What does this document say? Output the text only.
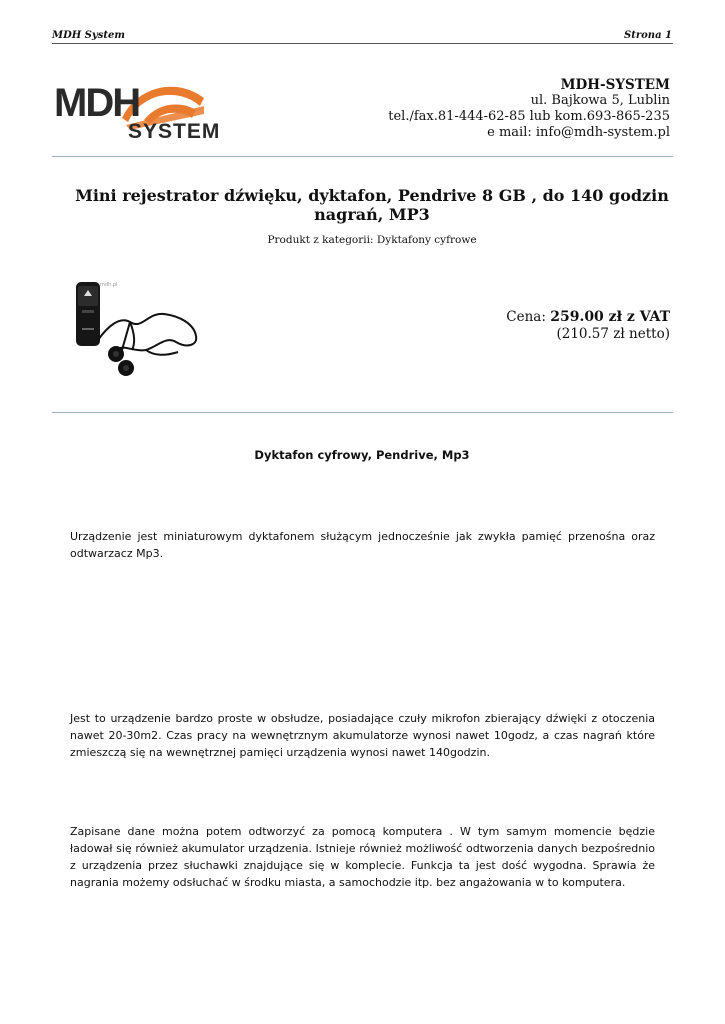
MDH System	Strona 1
MDH
SYSTEM
MDH-SYSTEM
ul. Bajkowa 5, Lublin
tel./fax.81-444-62-85 lub kom.693-865-235
e mail: info@mdh-system.pl
Mini rejestrator dźwięku, dyktafon, Pendrive 8 GB , do 140 godzin nagrań, MP3
Produkt z kategorii: Dyktafony cyfrowe
mdh.pl
Cena: 259.00 zł z VAT
(210.57 zł netto)
Dyktafon cyfrowy, Pendrive, Mp3
Urządzenie jest miniaturowym dyktafonem służącym jednocześnie jak zwykła pamięć przenośna oraz odtwarzacz Mp3.
Jest to urządzenie bardzo proste w obsłudze, posiadające czuły mikrofon zbierający dźwięki z otoczenia nawet 20-30m2. Czas pracy na wewnętrznym akumulatorze wynosi nawet 10godz, a czas nagrań które zmieszczą się na wewnętrznej pamięci urządzenia wynosi nawet 140godzin.
Zapisane dane można potem odtworzyć za pomocą komputera . W tym samym momencie będzie ładował się również akumulator urządzenia. Istnieje również możliwość odtworzenia danych bezpośrednio z urządzenia przez słuchawki znajdujące się w komplecie. Funkcja ta jest dość wygodna. Sprawia że nagrania możemy odsłuchać w środku miasta, a samochodzie itp. bez angażowania w to komputera.
